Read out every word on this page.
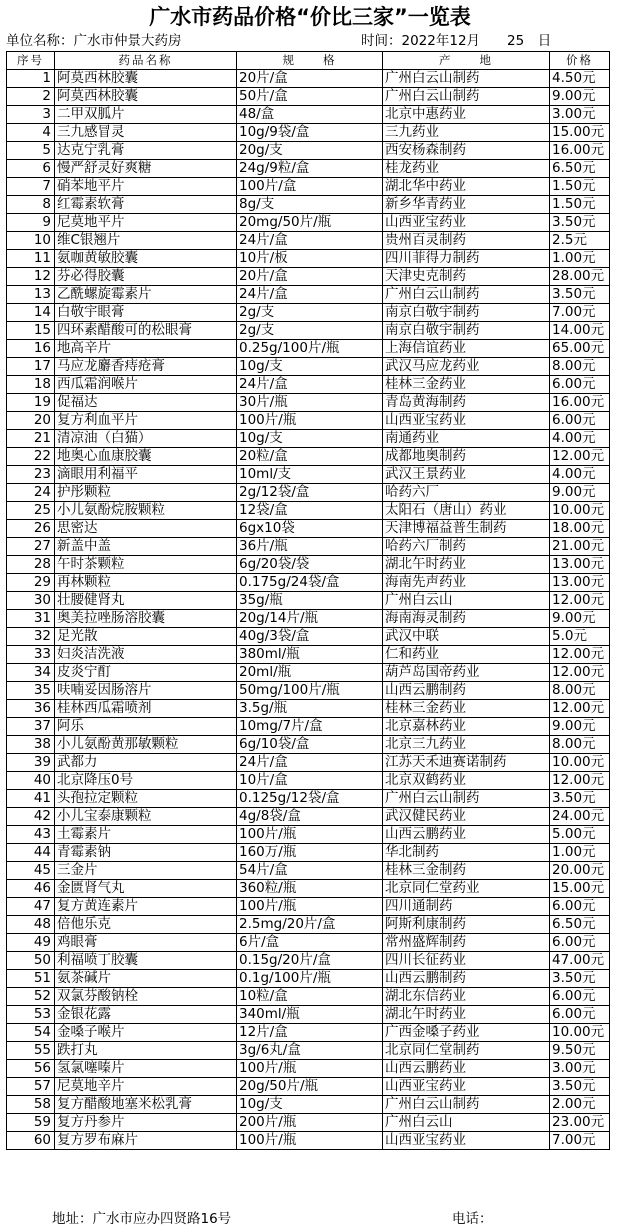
广水市药品价格“价比三家”一览表
单位名称：广水市仲景大药房	时间：2022年12月　　25　日
序号	药品名称	规　　格	产　　地	价格
1	阿莫西林胶囊	20片/盒	广州白云山制药	4.50元
2	阿莫西林胶囊	50片/盒	广州白云山制药	9.00元
3	二甲双胍片	48/盒	北京中惠药业	3.00元
4	三九感冒灵	10g/9袋/盒	三九药业	15.00元
5	达克宁乳膏	20g/支	西安杨森制药	16.00元
6	慢严舒灵好爽糖	24g/9粒/盒	桂龙药业	6.50元
7	硝苯地平片	100片/盒	湖北华中药业	1.50元
8	红霉素软膏	8g/支	新乡华青药业	1.50元
9	尼莫地平片	20mg/50片/瓶	山西亚宝药业	3.50元
10	维C银翘片	24片/盒	贵州百灵制药	2.5元
11	氨咖黄敏胶囊	10片/板	四川菲得力制药	1.00元
12	芬必得胶囊	20片/盒	天津史克制药	28.00元
13	乙酰螺旋霉素片	24片/盒	广州白云山制药	3.50元
14	白敬宇眼膏	2g/支	南京白敬宇制药	7.00元
15	四环素醋酸可的松眼膏	2g/支	南京白敬宇制药	14.00元
16	地高辛片	0.25g/100片/瓶	上海信谊药业	65.00元
17	马应龙麝香痔疮膏	10g/支	武汉马应龙药业	8.00元
18	西瓜霜润喉片	24片/盒	桂林三金药业	6.00元
19	促福达	30片/瓶	青岛黄海制药	16.00元
20	复方利血平片	100片/瓶	山西亚宝药业	6.00元
21	清凉油（白猫）	10g/支	南通药业	4.00元
22	地奥心血康胶囊	20粒/盒	成都地奥制药	12.00元
23	滴眼用利福平	10ml/支	武汉王景药业	4.00元
24	护彤颗粒	2g/12袋/盒	哈药六厂	9.00元
25	小儿氨酚烷胺颗粒	12袋/盒	太阳石（唐山）药业	10.00元
26	思密达	6gx10袋	天津博福益普生制药	18.00元
27	新盖中盖	36片/瓶	哈药六厂制药	21.00元
28	午时茶颗粒	6g/20袋/袋	湖北午时药业	13.00元
29	再林颗粒	0.175g/24袋/盒	海南先声药业	13.00元
30	壮腰健肾丸	35g/瓶	广州白云山	12.00元
31	奥美拉唑肠溶胶囊	20g/14片/瓶	海南海灵制药	9.00元
32	足光散	40g/3袋/盒	武汉中联	5.0元
33	妇炎洁洗液	380ml/瓶	仁和药业	12.00元
34	皮炎宁酊	20ml/瓶	葫芦岛国帝药业	12.00元
35	呋喃妥因肠溶片	50mg/100片/瓶	山西云鹏制药	8.00元
36	桂林西瓜霜喷剂	3.5g/瓶	桂林三金药业	12.00元
37	阿乐	10mg/7片/盒	北京嘉林药业	9.00元
38	小儿氨酚黄那敏颗粒	6g/10袋/盒	北京三九药业	8.00元
39	武都力	24片/盒	江苏天禾迪赛诺制药	10.00元
40	北京降压0号	10片/盒	北京双鹤药业	12.00元
41	头孢拉定颗粒	0.125g/12袋/盒	广州白云山制药	3.50元
42	小儿宝泰康颗粒	4g/8袋/盒	武汉健民药业	24.00元
43	土霉素片	100片/瓶	山西云鹏药业	5.00元
44	青霉素钠	160万/瓶	华北制药	1.00元
45	三金片	54片/盒	桂林三金制药	20.00元
46	金匮肾气丸	360粒/瓶	北京同仁堂药业	15.00元
47	复方黄连素片	100片/瓶	四川通制药	6.00元
48	倍他乐克	2.5mg/20片/盒	阿斯利康制药	6.50元
49	鸡眼膏	6片/盒	常州盛辉制药	6.00元
50	利福喷丁胶囊	0.15g/20片/盒	四川长征药业	47.00元
51	氨茶碱片	0.1g/100片/瓶	山西云鹏制药	3.50元
52	双氯芬酸钠栓	10粒/盒	湖北东信药业	6.00元
53	金银花露	340ml/瓶	湖北午时药业	6.00元
54	金嗓子喉片	12片/盒	广西金嗓子药业	10.00元
55	跌打丸	3g/6丸/盒	北京同仁堂制药	9.50元
56	氢氯噻嗪片	100片/瓶	山西云鹏药业	3.00元
57	尼莫地辛片	20g/50片/瓶	山西亚宝药业	3.50元
58	复方醋酸地塞米松乳膏	10g/支	广州白云山制药	2.00元
59	复方丹参片	200片/瓶	广州白云山	23.00元
60	复方罗布麻片	100片/瓶	山西亚宝药业	7.00元
地址：广水市应办四贤路16号	电话：
